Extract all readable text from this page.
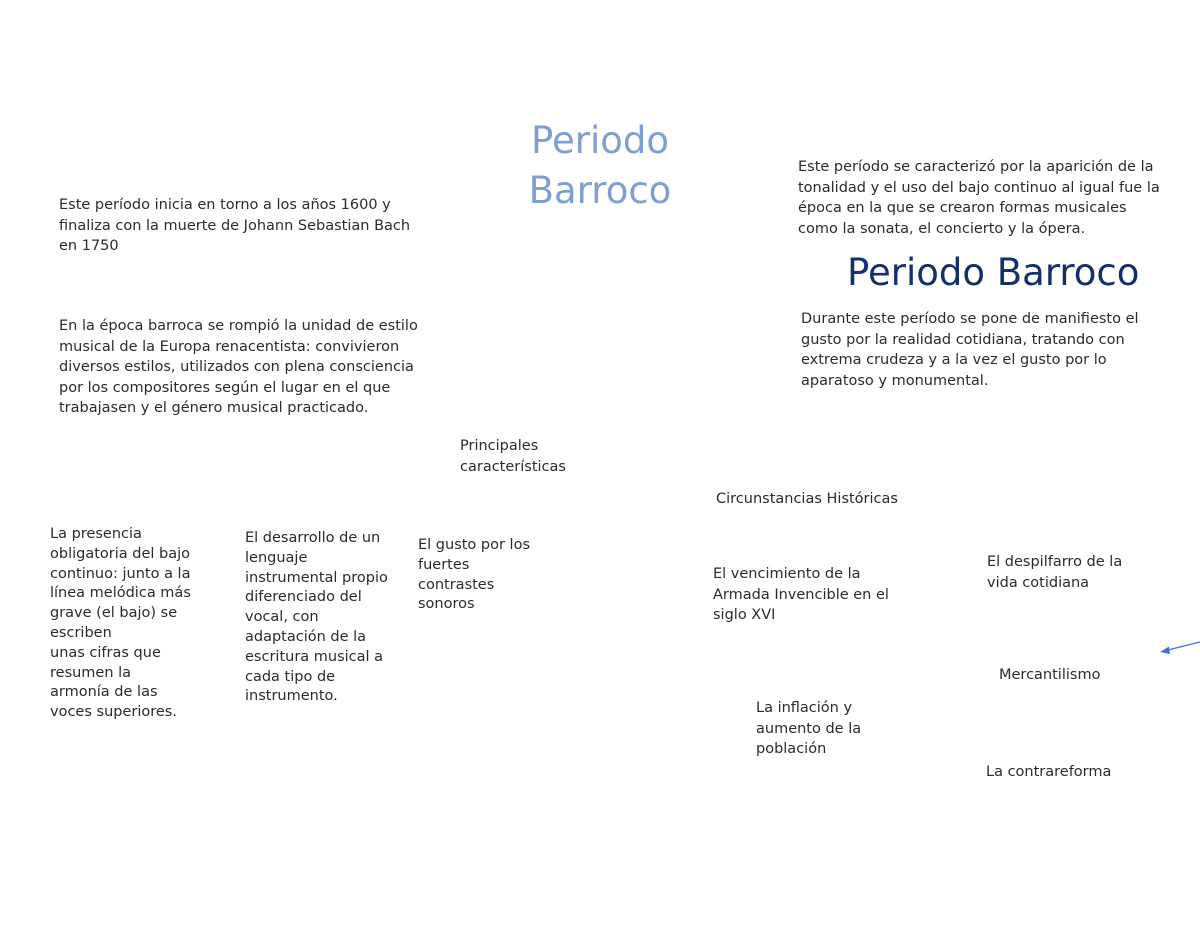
Periodo
Barroco
Periodo Barroco
Este período inicia en torno a los años 1600 y
finaliza con la muerte de Johann Sebastian Bach
en 1750
En la época barroca se rompió la unidad de estilo
musical de la Europa renacentista: convivieron
diversos estilos, utilizados con plena consciencia
por los compositores según el lugar en el que
trabajasen y el género musical practicado.
Este período se caracterizó por la aparición de la
tonalidad y el uso del bajo continuo al igual fue la
época en la que se crearon formas musicales
como la sonata, el concierto y la ópera.
Durante este período se pone de manifiesto el
gusto por la realidad cotidiana, tratando con
extrema crudeza y a la vez el gusto por lo
aparatoso y monumental.
Principales
características
La presencia
obligatoria del bajo
continuo: junto a la
línea melódica más
grave (el bajo) se
escriben
unas cifras que
resumen la
armonía de las
voces superiores.
El desarrollo de un
lenguaje
instrumental propio
diferenciado del
vocal, con
adaptación de la
escritura musical a
cada tipo de
instrumento.
El gusto por los
fuertes
contrastes
sonoros
Circunstancias Históricas
El vencimiento de la
Armada Invencible en el
siglo XVI
El despilfarro de la
vida cotidiana
Mercantilismo
La inflación y
aumento de la
población
La contrareforma
